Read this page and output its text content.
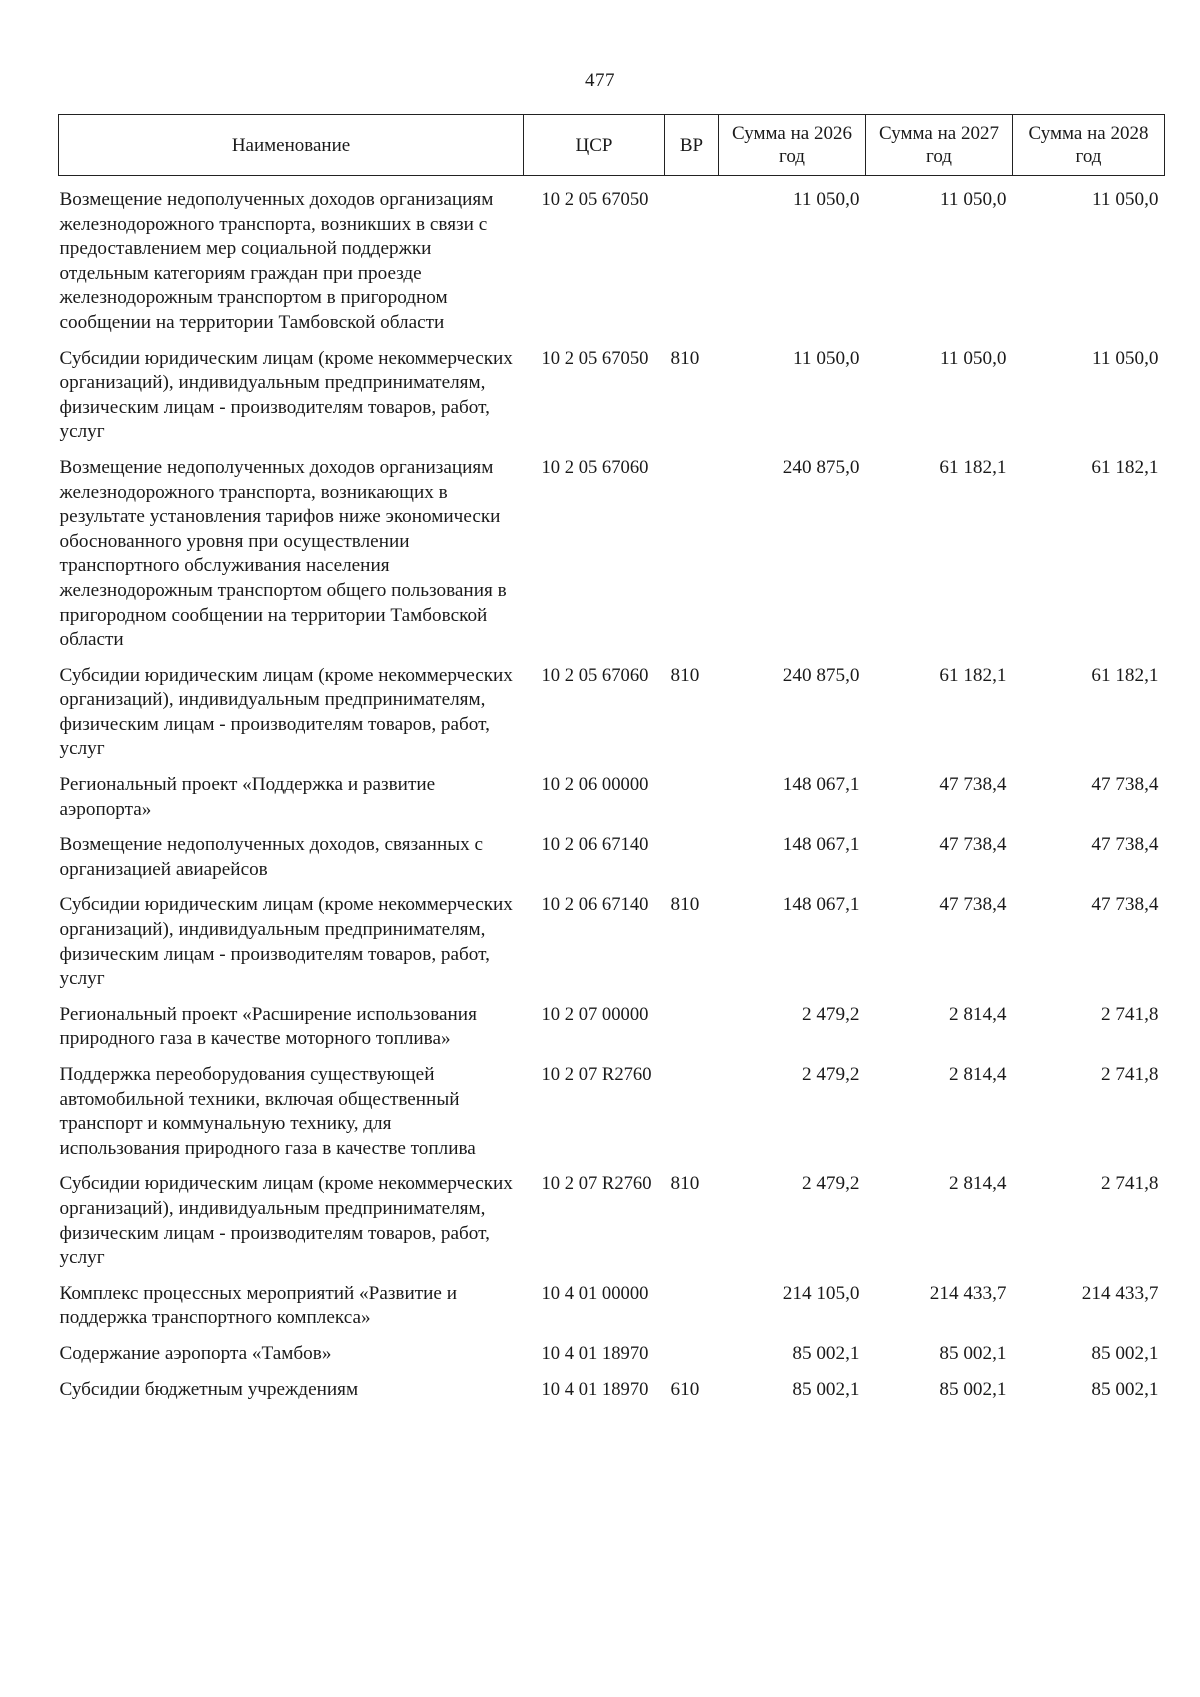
477
Наименование	ЦСР	ВР	Сумма на 2026 год	Сумма на 2027 год	Сумма на 2028 год
Возмещение недополученных доходов организациям железнодорожного транспорта, возникших в связи с предоставлением мер социальной поддержки отдельным категориям граждан при проезде железнодорожным транспортом в пригородном сообщении на территории Тамбовской области	10 2 05 67050		11 050,0	11 050,0	11 050,0
Субсидии юридическим лицам (кроме некоммерческих организаций), индивидуальным предпринимателям, физическим лицам - производителям товаров, работ, услуг	10 2 05 67050	810	11 050,0	11 050,0	11 050,0
Возмещение недополученных доходов организациям железнодорожного транспорта, возникающих в результате установления тарифов ниже экономически обоснованного уровня при осуществлении транспортного обслуживания населения железнодорожным транспортом общего пользования в пригородном сообщении на территории Тамбовской области	10 2 05 67060		240 875,0	61 182,1	61 182,1
Субсидии юридическим лицам (кроме некоммерческих организаций), индивидуальным предпринимателям, физическим лицам - производителям товаров, работ, услуг	10 2 05 67060	810	240 875,0	61 182,1	61 182,1
Региональный проект «Поддержка и развитие аэропорта»	10 2 06 00000		148 067,1	47 738,4	47 738,4
Возмещение недополученных доходов, связанных с организацией авиарейсов	10 2 06 67140		148 067,1	47 738,4	47 738,4
Субсидии юридическим лицам (кроме некоммерческих организаций), индивидуальным предпринимателям, физическим лицам - производителям товаров, работ, услуг	10 2 06 67140	810	148 067,1	47 738,4	47 738,4
Региональный проект «Расширение использования природного газа в качестве моторного топлива»	10 2 07 00000		2 479,2	2 814,4	2 741,8
Поддержка переоборудования существующей автомобильной техники, включая общественный транспорт и коммунальную технику, для использования природного газа в качестве топлива	10 2 07 R2760		2 479,2	2 814,4	2 741,8
Субсидии юридическим лицам (кроме некоммерческих организаций), индивидуальным предпринимателям, физическим лицам - производителям товаров, работ, услуг	10 2 07 R2760	810	2 479,2	2 814,4	2 741,8
Комплекс процессных мероприятий «Развитие и поддержка транспортного комплекса»	10 4 01 00000		214 105,0	214 433,7	214 433,7
Содержание аэропорта «Тамбов»	10 4 01 18970		85 002,1	85 002,1	85 002,1
Субсидии бюджетным учреждениям	10 4 01 18970	610	85 002,1	85 002,1	85 002,1
